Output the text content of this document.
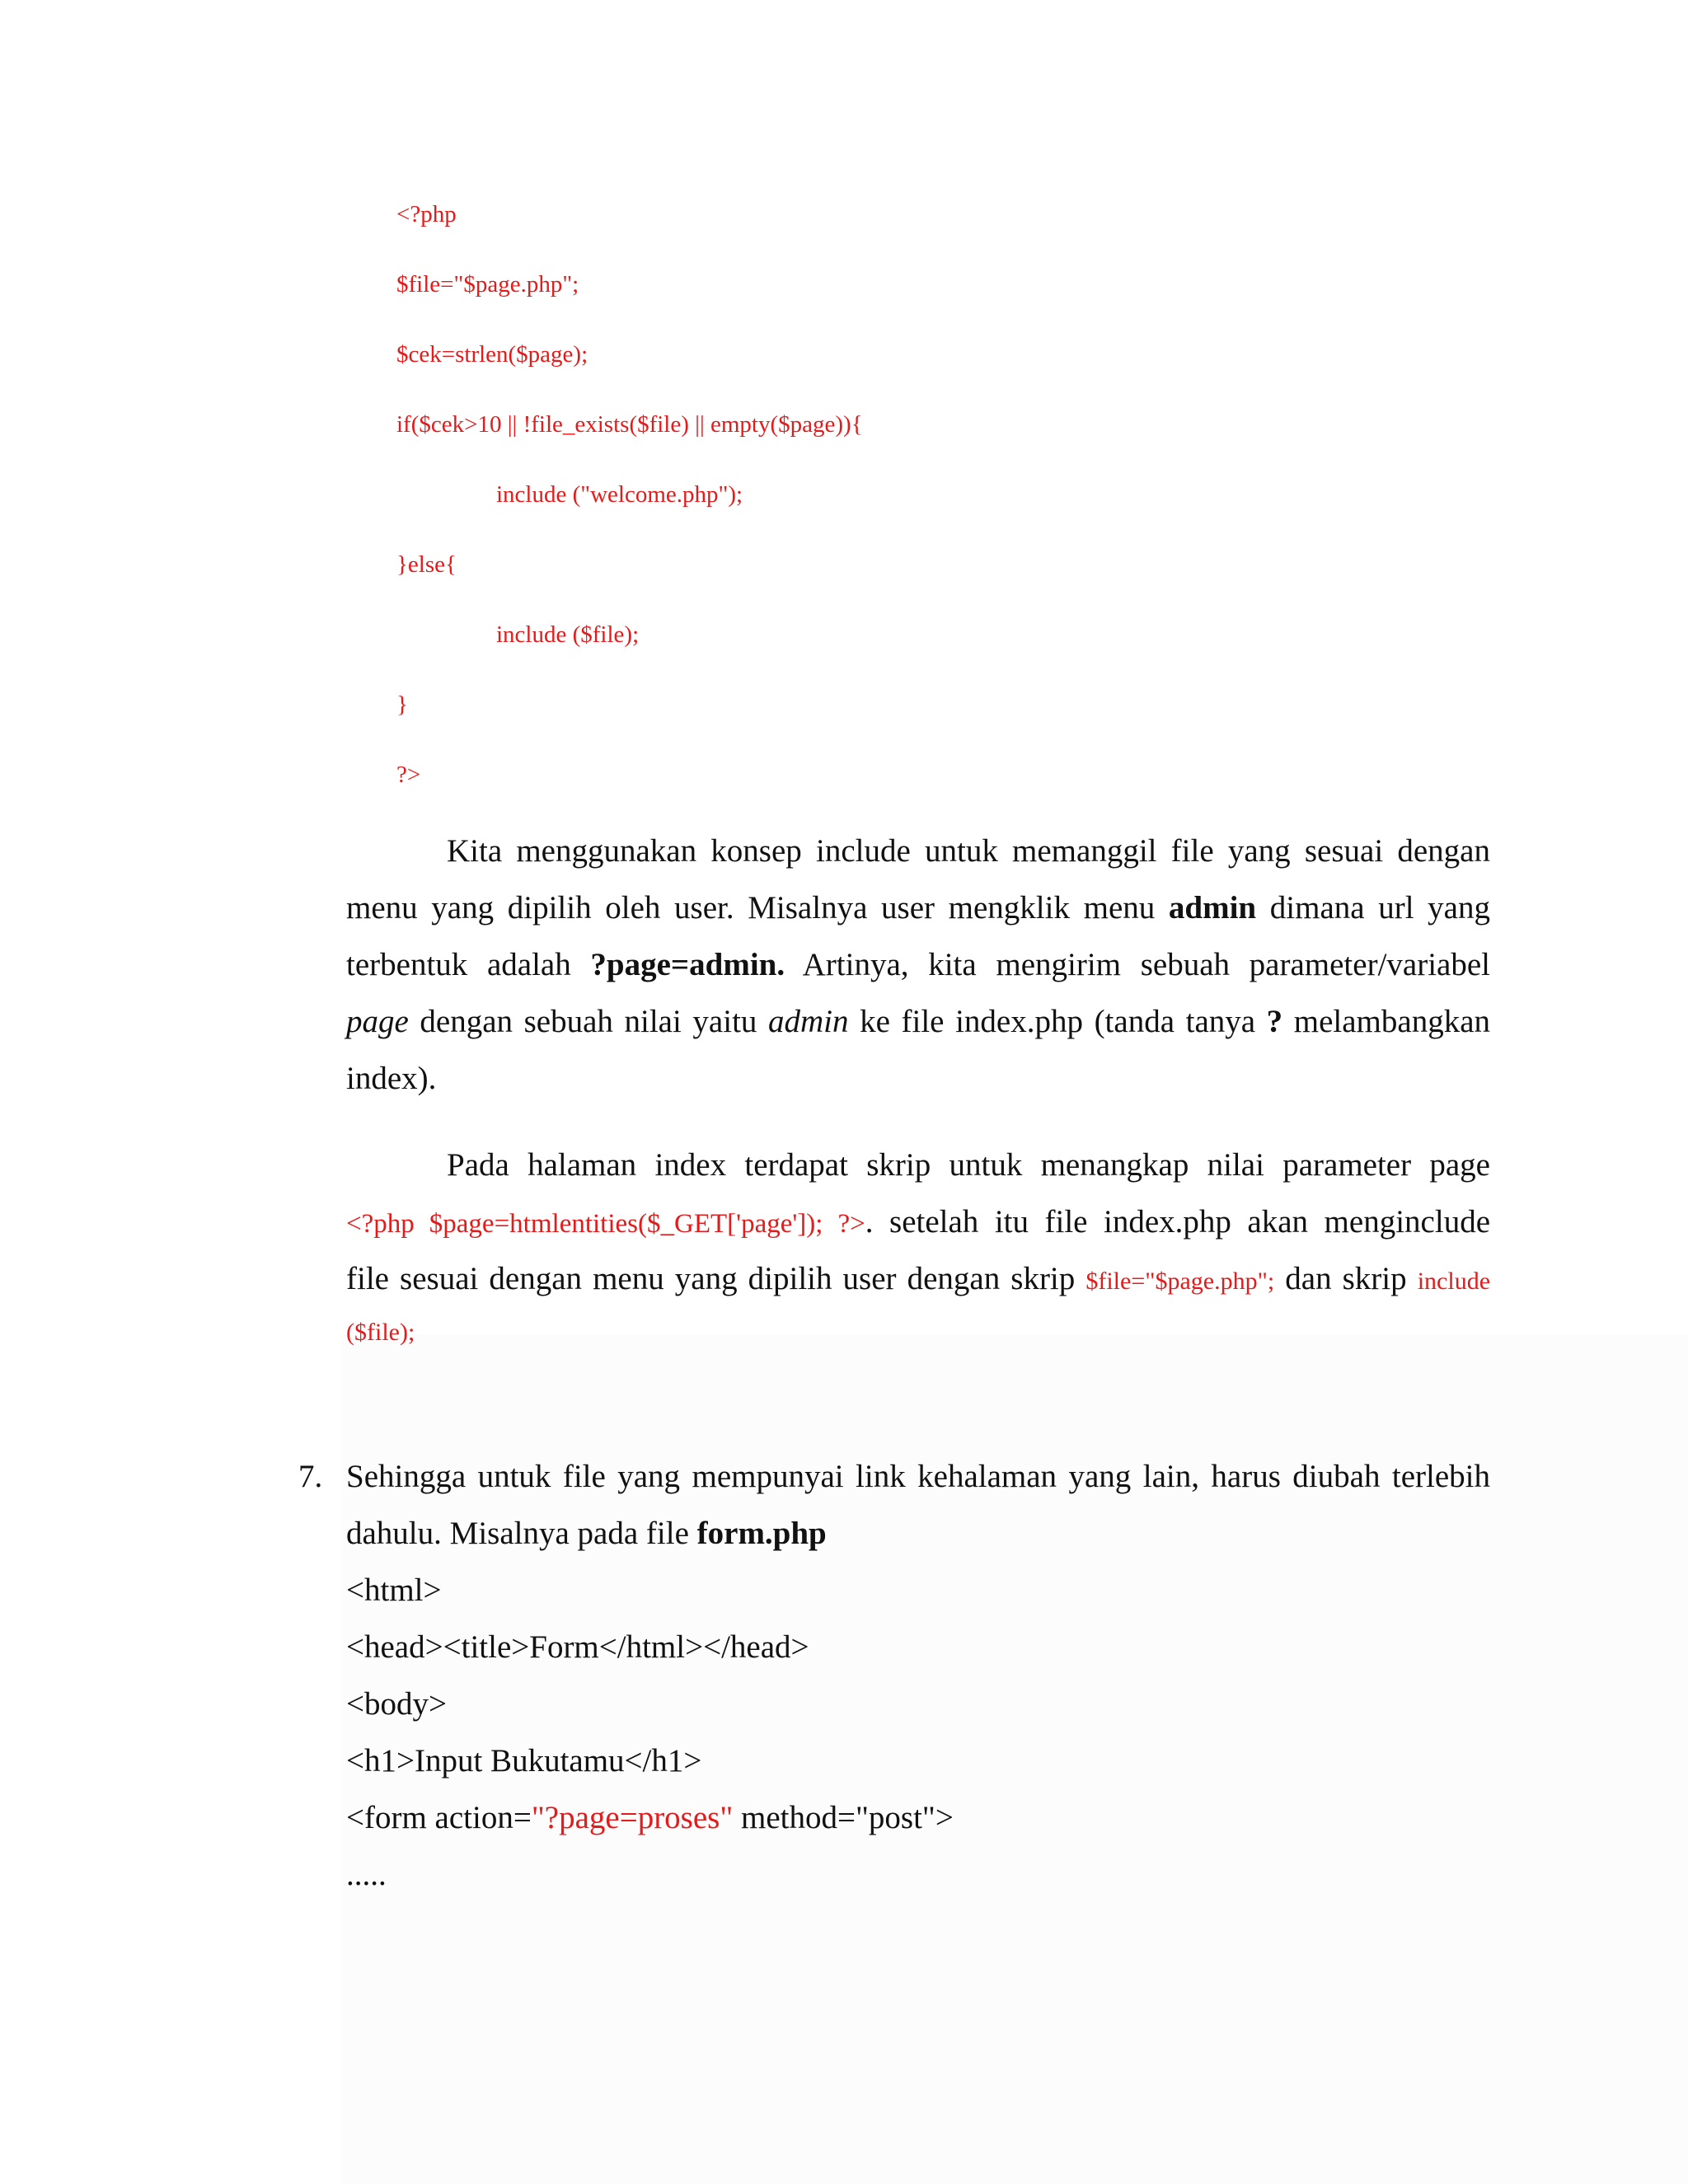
<?php
$file="$page.php";
$cek=strlen($page);
if($cek>10 || !file_exists($file) || empty($page)){
include ("welcome.php");
}else{
include ($file);
}
?>
Kita menggunakan konsep include untuk memanggil file yang sesuai dengan
menu yang dipilih oleh user. Misalnya user mengklik menu admin dimana url yang
terbentuk adalah ?page=admin. Artinya, kita mengirim sebuah parameter/variabel
page dengan sebuah nilai yaitu admin ke file index.php (tanda tanya ? melambangkan
index).
Pada halaman index terdapat skrip untuk menangkap nilai parameter page
<?php $page=htmlentities($_GET['page']); ?>. setelah itu file index.php akan menginclude
file sesuai dengan menu yang dipilih user dengan skrip $file="$page.php"; dan skrip include
($file);
7. Sehingga untuk file yang mempunyai link kehalaman yang lain, harus diubah terlebih
dahulu. Misalnya pada file form.php
<html>
<head><title>Form</html></head>
<body>
<h1>Input Bukutamu</h1>
<form action="?page=proses" method="post">
.....
